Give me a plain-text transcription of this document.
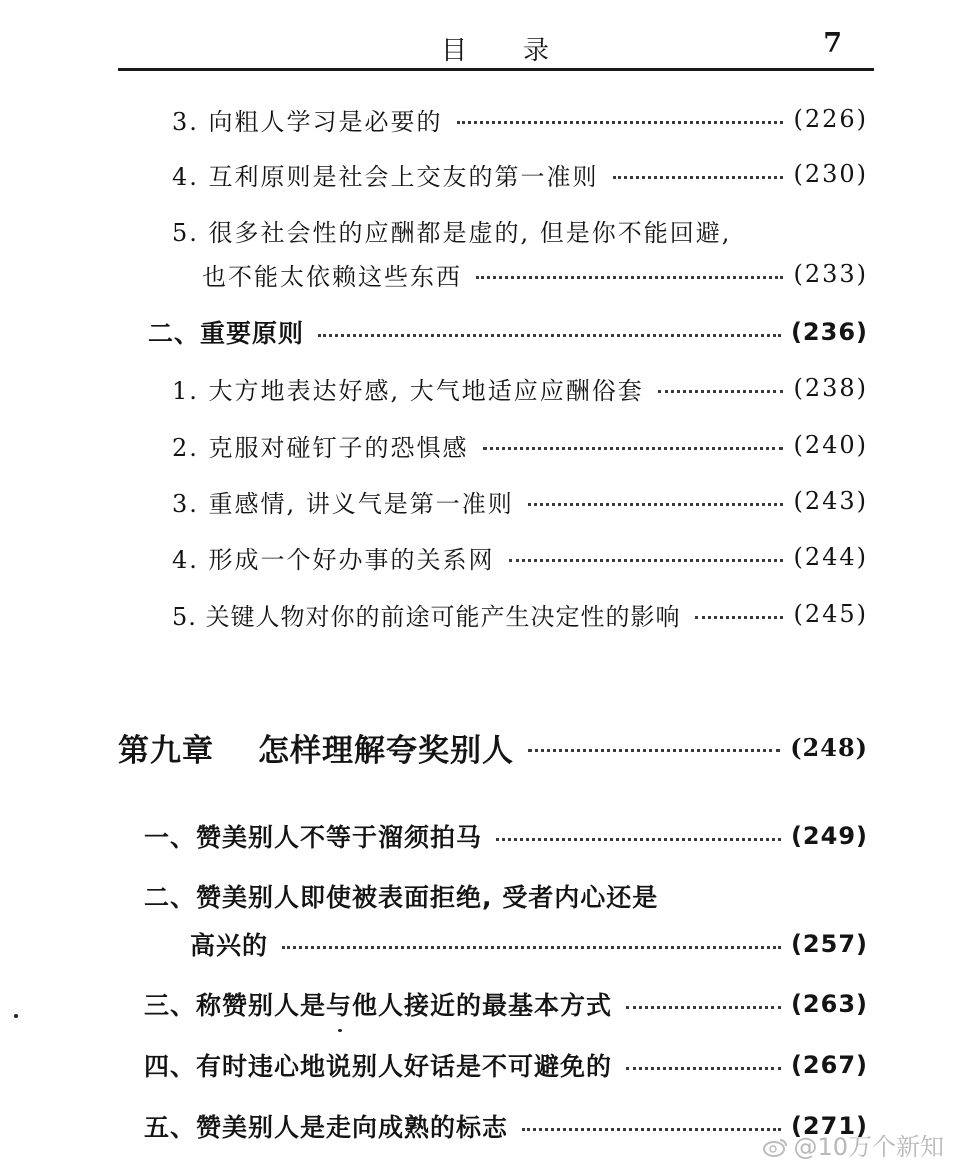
目 录	7
3. 向粗人学习是必要的	(226)
4. 互利原则是社会上交友的第一准则	(230)
5. 很多社会性的应酬都是虚的, 但是你不能回避,
也不能太依赖这些东西	(233)
二、重要原则	(236)
1. 大方地表达好感, 大气地适应应酬俗套	(238)
2. 克服对碰钉子的恐惧感	(240)
3. 重感情, 讲义气是第一准则	(243)
4. 形成一个好办事的关系网	(244)
5. 关键人物对你的前途可能产生决定性的影响	(245)
第九章 怎样理解夸奖别人	(248)
一、赞美别人不等于溜须拍马	(249)
二、赞美别人即使被表面拒绝, 受者内心还是
高兴的	(257)
三、称赞别人是与他人接近的最基本方式	(263)
四、有时违心地说别人好话是不可避免的	(267)
五、赞美别人是走向成熟的标志	(271)
@10万个新知
